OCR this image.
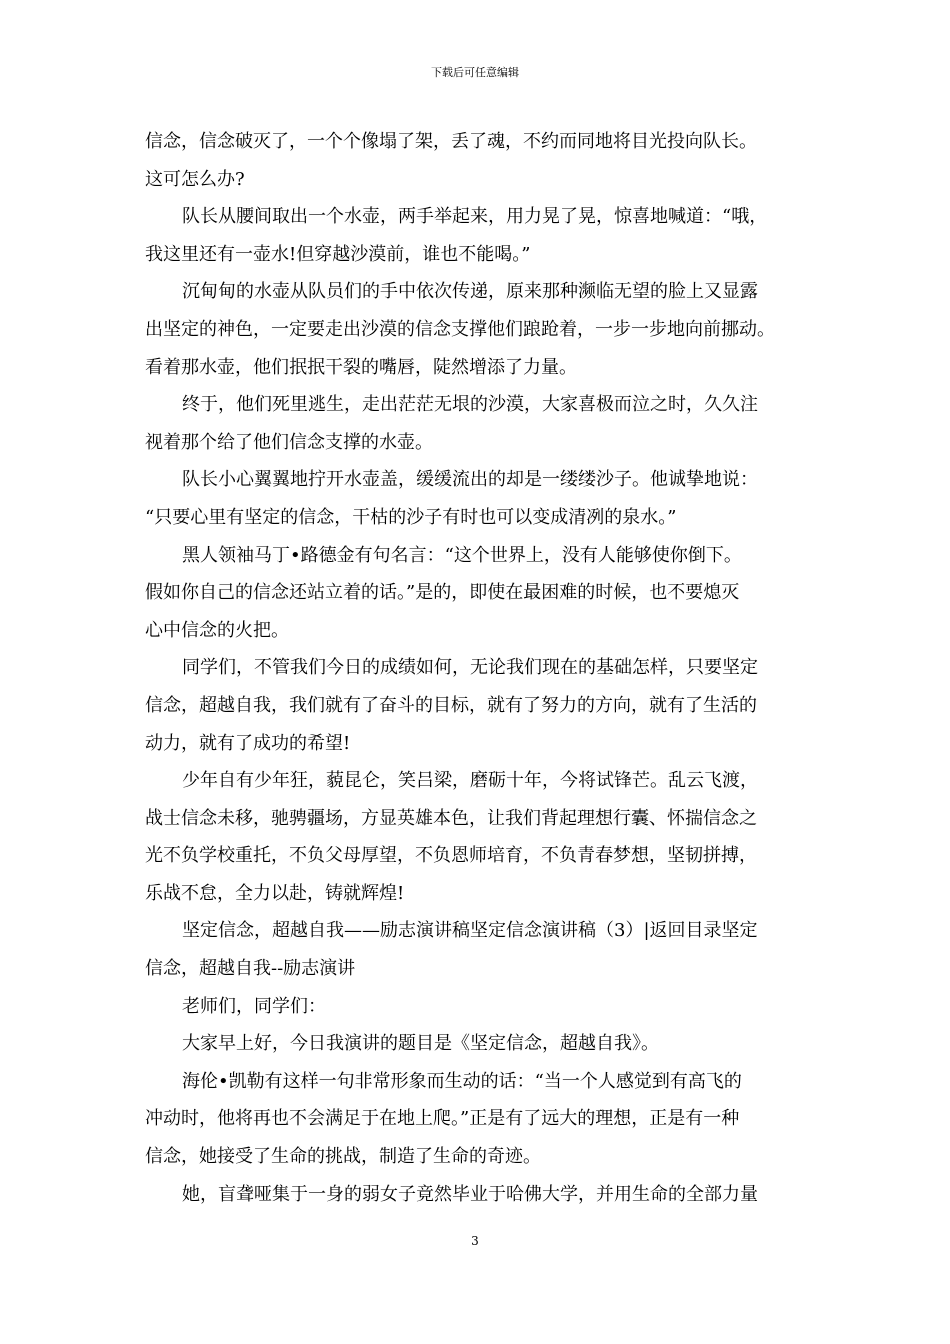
下载后可任意编辑
信念，信念破灭了，一个个像塌了架，丢了魂，不约而同地将目光投向队长。
这可怎么办?
队长从腰间取出一个水壶，两手举起来，用力晃了晃，惊喜地喊道：“哦，
我这里还有一壶水!但穿越沙漠前，谁也不能喝。”
沉甸甸的水壶从队员们的手中依次传递，原来那种濒临无望的脸上又显露
出坚定的神色，一定要走出沙漠的信念支撑他们踉跄着，一步一步地向前挪动。
看着那水壶，他们抿抿干裂的嘴唇，陡然增添了力量。
终于，他们死里逃生，走出茫茫无垠的沙漠，大家喜极而泣之时，久久注
视着那个给了他们信念支撑的水壶。
队长小心翼翼地拧开水壶盖，缓缓流出的却是一缕缕沙子。他诚挚地说：
“只要心里有坚定的信念，干枯的沙子有时也可以变成清冽的泉水。”
黑人领袖马丁•路德金有句名言：“这个世界上，没有人能够使你倒下。
假如你自己的信念还站立着的话。”是的，即使在最困难的时候，也不要熄灭
心中信念的火把。
同学们，不管我们今日的成绩如何，无论我们现在的基础怎样，只要坚定
信念，超越自我，我们就有了奋斗的目标，就有了努力的方向，就有了生活的
动力，就有了成功的希望!
少年自有少年狂，藐昆仑，笑吕梁，磨砺十年，今将试锋芒。乱云飞渡，
战士信念未移，驰骋疆场，方显英雄本色，让我们背起理想行囊、怀揣信念之
光不负学校重托，不负父母厚望，不负恩师培育，不负青春梦想，坚韧拼搏，
乐战不怠，全力以赴，铸就辉煌!
坚定信念，超越自我——励志演讲稿坚定信念演讲稿（3）|返回目录坚定
信念，超越自我--励志演讲
老师们，同学们：
大家早上好，今日我演讲的题目是《坚定信念，超越自我》。
海伦•凯勒有这样一句非常形象而生动的话：“当一个人感觉到有高飞的
冲动时，他将再也不会满足于在地上爬。”正是有了远大的理想，正是有一种
信念，她接受了生命的挑战，制造了生命的奇迹。
她，盲聋哑集于一身的弱女子竟然毕业于哈佛大学，并用生命的全部力量
3
